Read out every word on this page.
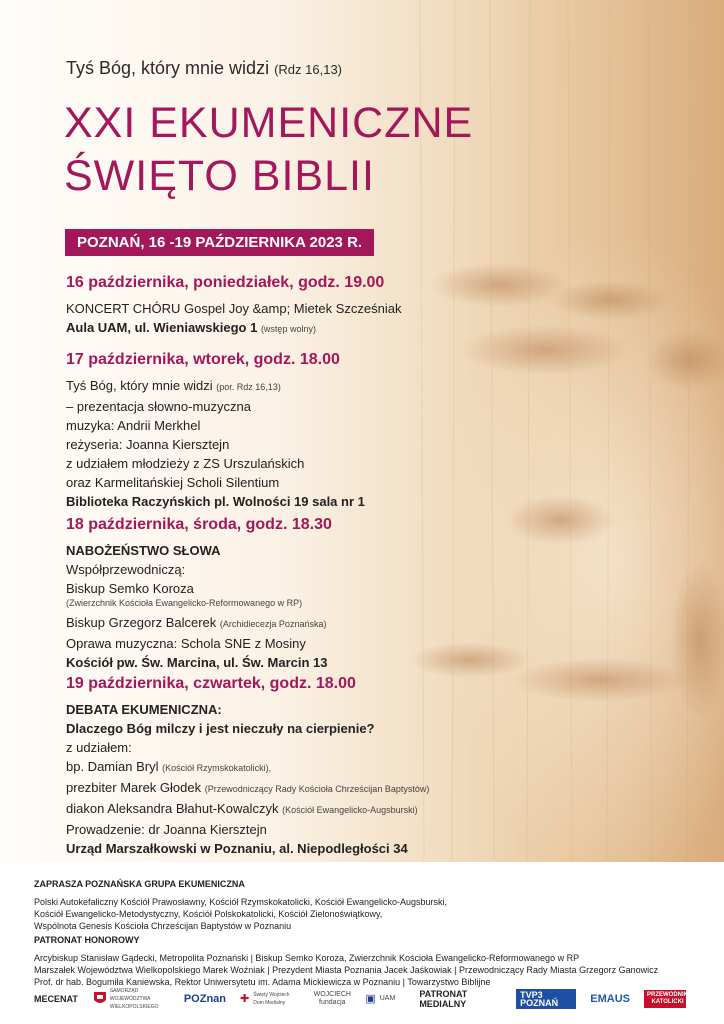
Tyś Bóg, który mnie widzi (Rdz 16,13)
XXI EKUMENICZNE
ŚWIĘTO BIBLII
POZNAŃ, 16 -19 PAŹDZIERNIKA 2023 R.
16 października, poniedziałek, godz. 19.00
KONCERT CHÓRU Gospel Joy &amp; Mietek Szcześniak
Aula UAM, ul. Wieniawskiego 1 (wstęp wolny)
17 października, wtorek, godz. 18.00
Tyś Bóg, który mnie widzi (por. Rdz 16,13)
– prezentacja słowno-muzyczna
muzyka: Andrii Merkhel
reżyseria: Joanna Kiersztejn
z udziałem młodzieży z ZS Urszulańskich
oraz Karmelitańskiej Scholi Silentium
Biblioteka Raczyńskich pl. Wolności 19 sala nr 1
18 października, środa, godz. 18.30
NABOŻEŃSTWO SŁOWA
Współprzewodniczą:
Biskup Semko Koroza
(Zwierzchnik Kościoła Ewangelicko-Reformowanego w RP)
Biskup Grzegorz Balcerek (Archidiecezja Poznańska)
Oprawa muzyczna: Schola SNE z Mosiny
Kościół pw. Św. Marcina, ul. Św. Marcin 13
19 października, czwartek, godz. 18.00
DEBATA EKUMENICZNA:
Dlaczego Bóg milczy i jest nieczuły na cierpienie?
z udziałem:
bp. Damian Bryl (Kościół Rzymskokatolicki),
prezbiter Marek Głodek (Przewodniczący Rady Kościoła Chrześcijan Baptystów)
diakon Aleksandra Błahut-Kowalczyk (Kościół Ewangelicko-Augsburski)
Prowadzenie: dr Joanna Kiersztejn
Urząd Marszałkowski w Poznaniu, al. Niepodległości 34
ZAPRASZA POZNAŃSKA GRUPA EKUMENICZNA
Polski Autokefaliczny Kościół Prawosławny, Kościół Rzymskokatolicki, Kościół Ewangelicko-Augsburski,
Kościół Ewangelicko-Metodystyczny, Kościół Polskokatolicki, Kościół Zielonoświątkowy,
Wspólnota Genesis Kościoła Chrześcijan Baptystów w Poznaniu
PATRONAT HONOROWY
Arcybiskup Stanisław Gądecki, Metropolita Poznański | Biskup Semko Koroza, Zwierzchnik Kościoła Ewangelicko-Reformowanego w RP
Marszałek Województwa Wielkopolskiego Marek Woźniak | Prezydent Miasta Poznania Jacek Jaśkowiak | Przewodniczący Rady Miasta Grzegorz Ganowicz
Prof. dr hab. Bogumiła Kaniewska, Rektor Uniwersytetu im. Adama Mickiewicza w Poznaniu | Towarzystwo Biblijne
MECENAT
SAMORZĄD WOJEWÓDZTWA WIELKOPOLSKIEGO
POZnan ✚ Święty Wojciech Dom Medialny
WOJCIECH fundacja	▣ UAM	PATRONAT MEDIALNY
TVP3 POZNAŃ	EMAUS	PRZEWODNIK KATOLICKI
